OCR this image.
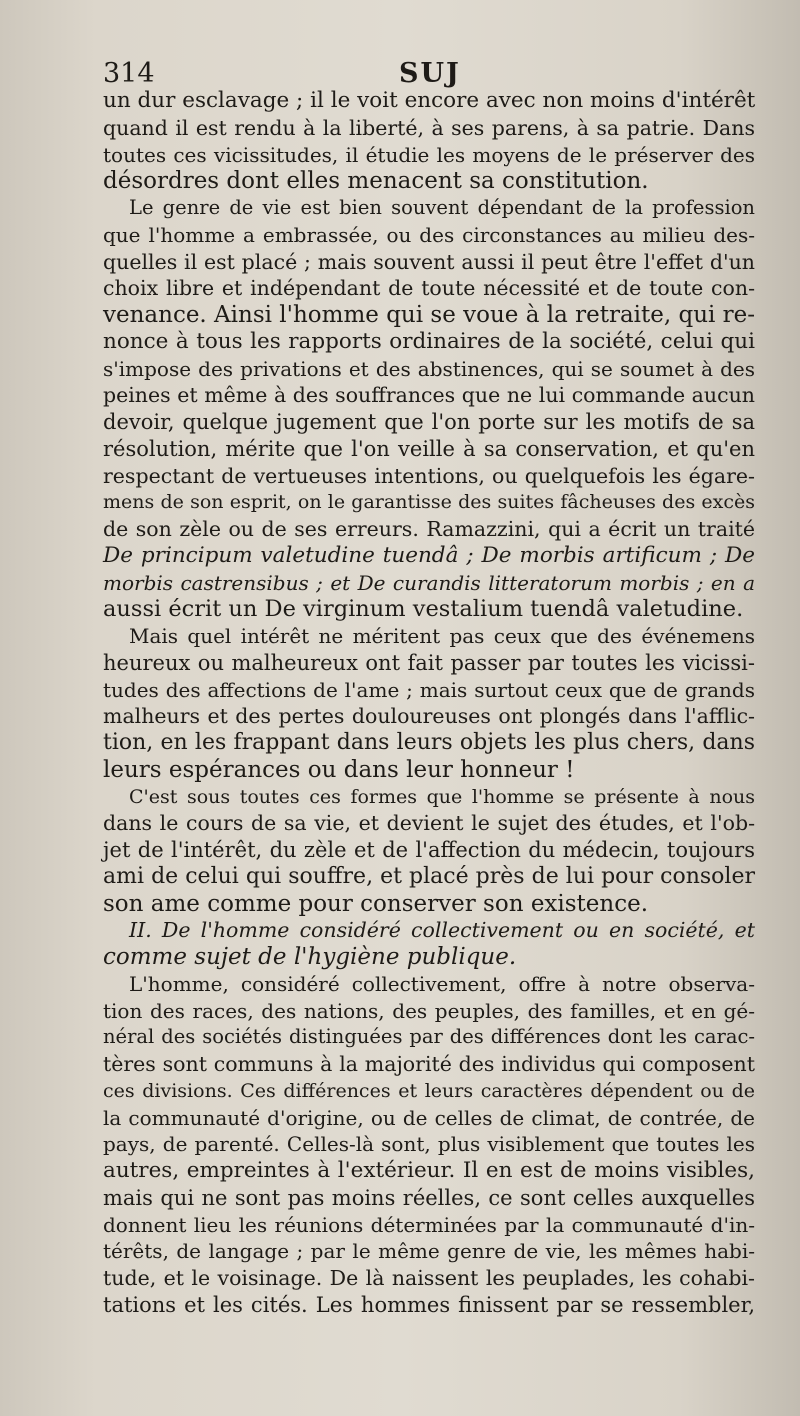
314	SUJ
un dur esclavage ; il le voit encore avec non moins d'intérêt
quand il est rendu à la liberté, à ses parens, à sa patrie. Dans
toutes ces vicissitudes, il étudie les moyens de le préserver des
désordres dont elles menacent sa constitution.
Le genre de vie est bien souvent dépendant de la profession
que l'homme a embrassée, ou des circonstances au milieu des-
quelles il est placé ; mais souvent aussi il peut être l'effet d'un
choix libre et indépendant de toute nécessité et de toute con-
venance. Ainsi l'homme qui se voue à la retraite, qui re-
nonce à tous les rapports ordinaires de la société, celui qui
s'impose des privations et des abstinences, qui se soumet à des
peines et même à des souffrances que ne lui commande aucun
devoir, quelque jugement que l'on porte sur les motifs de sa
résolution, mérite que l'on veille à sa conservation, et qu'en
respectant de vertueuses intentions, ou quelquefois les égare-
mens de son esprit, on le garantisse des suites fâcheuses des excès
de son zèle ou de ses erreurs. Ramazzini, qui a écrit un traité
De principum valetudine tuendâ ; De morbis artificum ; De
morbis castrensibus ; et De curandis litteratorum morbis ; en a
aussi écrit un De virginum vestalium tuendâ valetudine.
Mais quel intérêt ne méritent pas ceux que des événemens
heureux ou malheureux ont fait passer par toutes les vicissi-
tudes des affections de l'ame ; mais surtout ceux que de grands
malheurs et des pertes douloureuses ont plongés dans l'afflic-
tion, en les frappant dans leurs objets les plus chers, dans
leurs espérances ou dans leur honneur !
C'est sous toutes ces formes que l'homme se présente à nous
dans le cours de sa vie, et devient le sujet des études, et l'ob-
jet de l'intérêt, du zèle et de l'affection du médecin, toujours
ami de celui qui souffre, et placé près de lui pour consoler
son ame comme pour conserver son existence.
II. De l'homme considéré collectivement ou en société, et
comme sujet de l'hygiène publique.
L'homme, considéré collectivement, offre à notre observa-
tion des races, des nations, des peuples, des familles, et en gé-
néral des sociétés distinguées par des différences dont les carac-
tères sont communs à la majorité des individus qui composent
ces divisions. Ces différences et leurs caractères dépendent ou de
la communauté d'origine, ou de celles de climat, de contrée, de
pays, de parenté. Celles-là sont, plus visiblement que toutes les
autres, empreintes à l'extérieur. Il en est de moins visibles,
mais qui ne sont pas moins réelles, ce sont celles auxquelles
donnent lieu les réunions déterminées par la communauté d'in-
térêts, de langage ; par le même genre de vie, les mêmes habi-
tude, et le voisinage. De là naissent les peuplades, les cohabi-
tations et les cités. Les hommes finissent par se ressembler,
